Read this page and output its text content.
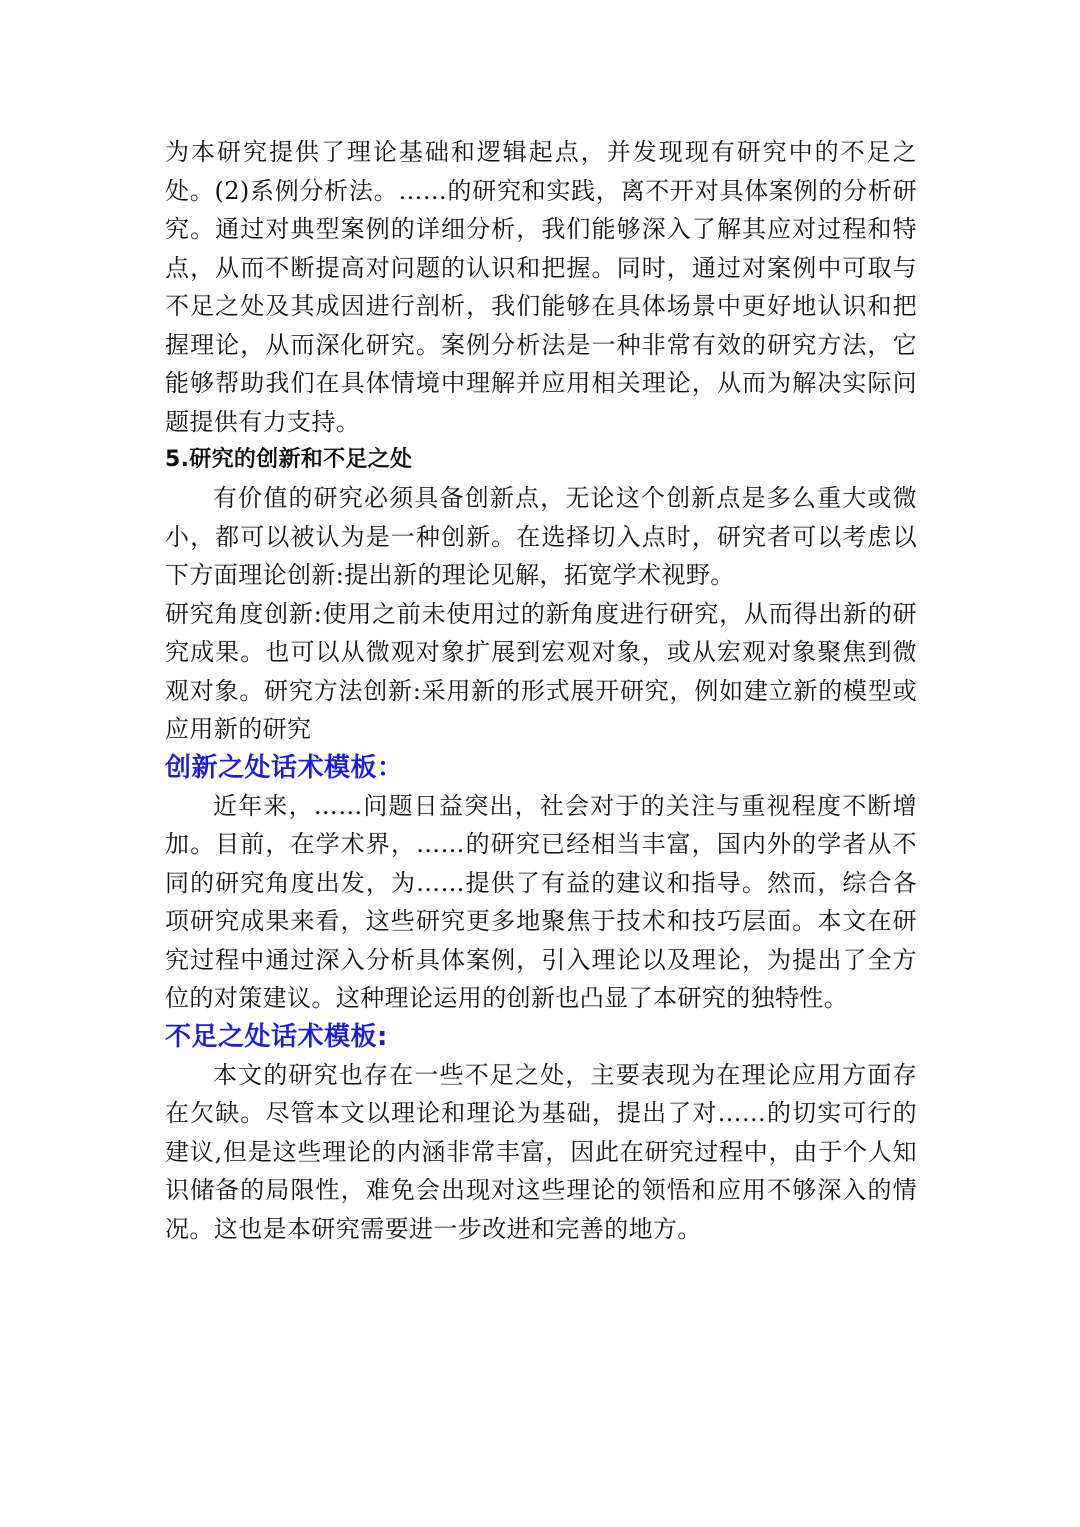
为本研究提供了理论基础和逻辑起点，并发现现有研究中的不足之处。(2)系例分析法。……的研究和实践，离不开对具体案例的分析研究。通过对典型案例的详细分析，我们能够深入了解其应对过程和特点，从而不断提高对问题的认识和把握。同时，通过对案例中可取与不足之处及其成因进行剖析，我们能够在具体场景中更好地认识和把握理论，从而深化研究。案例分析法是一种非常有效的研究方法，它能够帮助我们在具体情境中理解并应用相关理论，从而为解决实际问题提供有力支持。

5.研究的创新和不足之处

有价值的研究必须具备创新点，无论这个创新点是多么重大或微小，都可以被认为是一种创新。在选择切入点时，研究者可以考虑以下方面理论创新:提出新的理论见解，拓宽学术视野。

研究角度创新:使用之前未使用过的新角度进行研究，从而得出新的研究成果。也可以从微观对象扩展到宏观对象，或从宏观对象聚焦到微观对象。研究方法创新:采用新的形式展开研究，例如建立新的模型或应用新的研究

创新之处话术模板：

近年来，……问题日益突出，社会对于的关注与重视程度不断增加。目前，在学术界，……的研究已经相当丰富，国内外的学者从不同的研究角度出发，为……提供了有益的建议和指导。然而，综合各项研究成果来看，这些研究更多地聚焦于技术和技巧层面。本文在研究过程中通过深入分析具体案例，引入理论以及理论，为提出了全方位的对策建议。这种理论运用的创新也凸显了本研究的独特性。

不足之处话术模板:

本文的研究也存在一些不足之处，主要表现为在理论应用方面存在欠缺。尽管本文以理论和理论为基础，提出了对……的切实可行的建议,但是这些理论的内涵非常丰富，因此在研究过程中，由于个人知识储备的局限性，难免会出现对这些理论的领悟和应用不够深入的情况。这也是本研究需要进一步改进和完善的地方。
